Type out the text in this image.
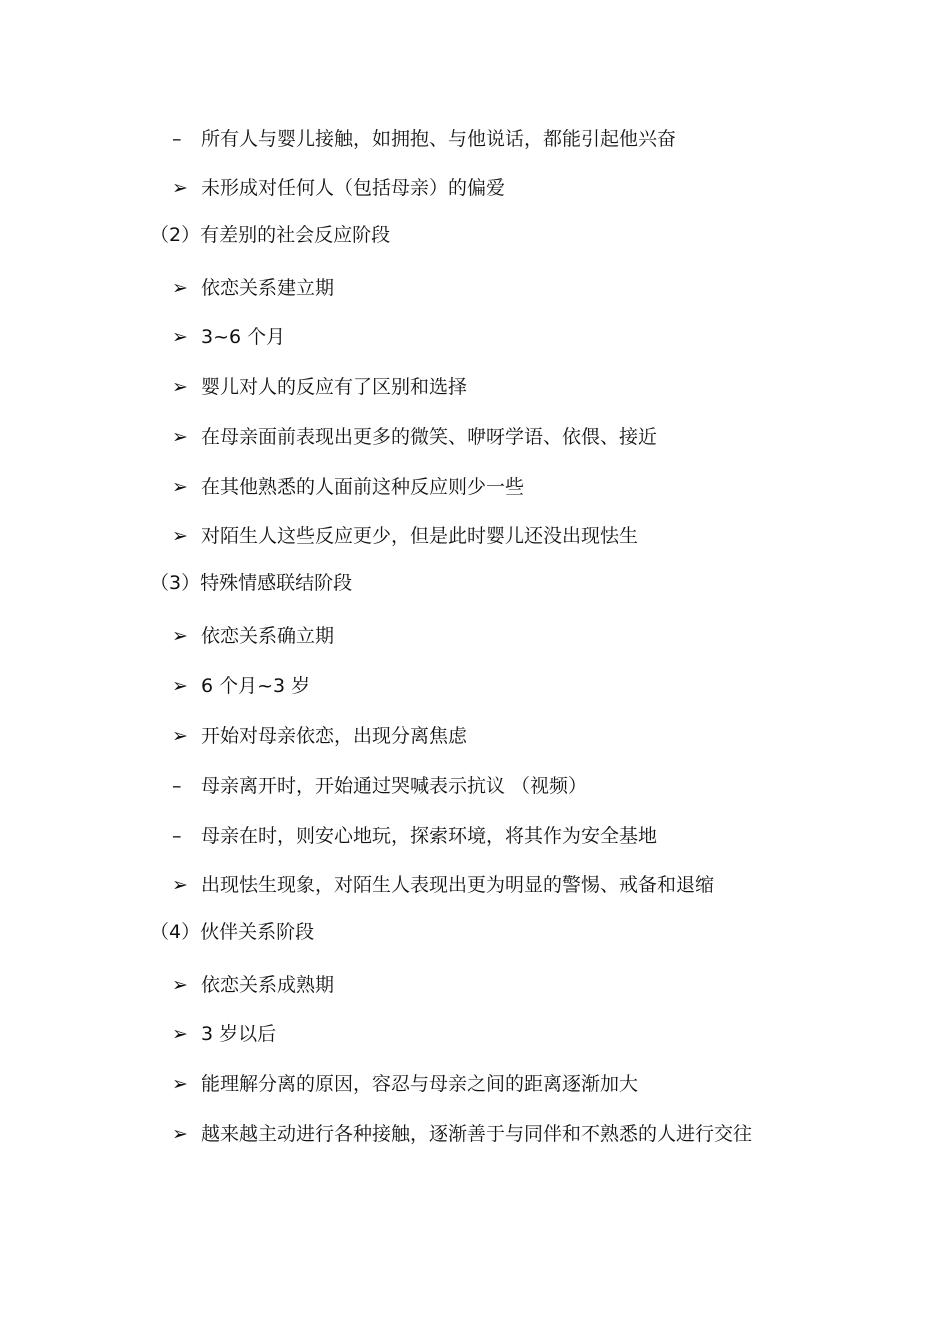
–	所有人与婴儿接触，如拥抱、与他说话，都能引起他兴奋
➢ 未形成对任何人（包括母亲）的偏爱
（2）有差别的社会反应阶段
➢ 依恋关系建立期
➢ 3~6 个月
➢ 婴儿对人的反应有了区别和选择
➢ 在母亲面前表现出更多的微笑、咿呀学语、依偎、接近
➢ 在其他熟悉的人面前这种反应则少一些
➢ 对陌生人这些反应更少，但是此时婴儿还没出现怯生
（3）特殊情感联结阶段
➢ 依恋关系确立期
➢ 6 个月~3 岁
➢ 开始对母亲依恋，出现分离焦虑
–	母亲离开时，开始通过哭喊表示抗议 （视频）
–	母亲在时，则安心地玩，探索环境，将其作为安全基地
➢ 出现怯生现象，对陌生人表现出更为明显的警惕、戒备和退缩
（4）伙伴关系阶段
➢ 依恋关系成熟期
➢ 3 岁以后
➢ 能理解分离的原因，容忍与母亲之间的距离逐渐加大
➢ 越来越主动进行各种接触，逐渐善于与同伴和不熟悉的人进行交往
